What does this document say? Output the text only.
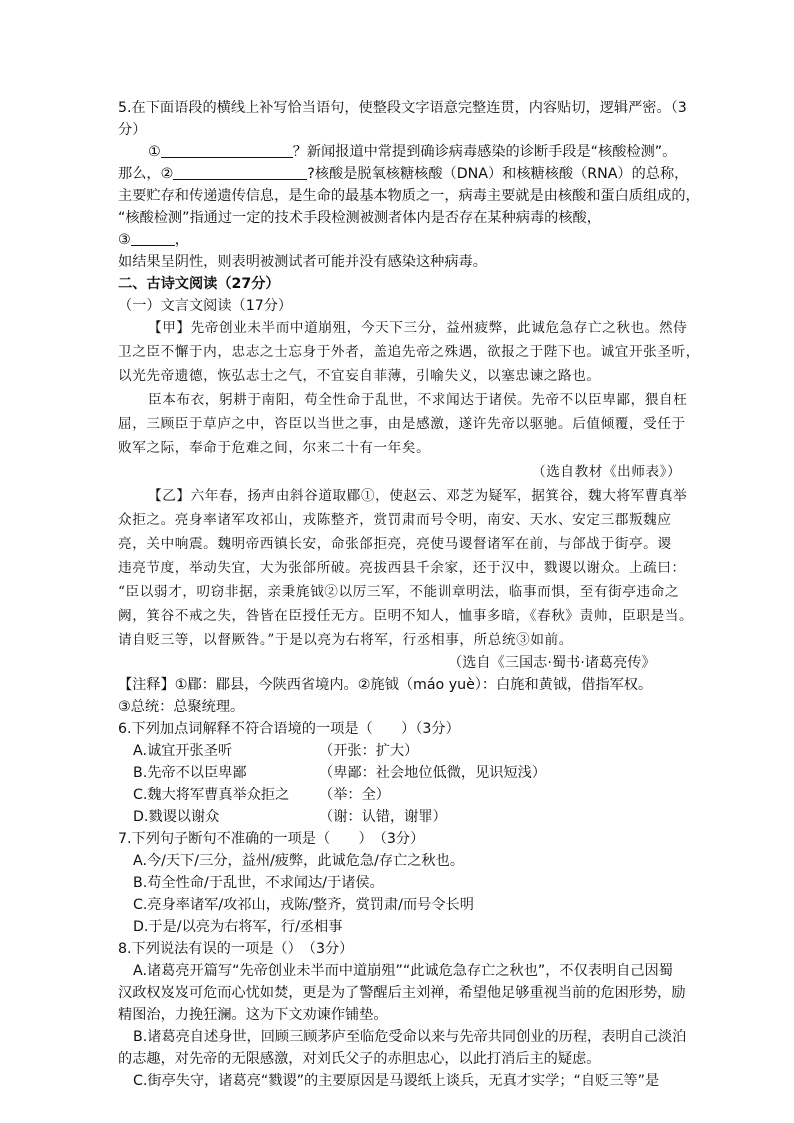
5.在下面语段的横线上补写恰当语句，使整段文字语意完整连贯，内容贴切，逻辑严密。（3
分）
①	？新闻报道中常提到确诊病毒感染的诊断手段是“核酸检测”。
那么，②	?核酸是脱氧核糖核酸（DNA）和核糖核酸（RNA）的总称，
主要贮存和传递遗传信息，是生命的最基本物质之一，病毒主要就是由核酸和蛋白质组成的，
“核酸检测”指通过一定的技术手段检测被测者体内是否存在某种病毒的核酸，
③	，
如结果呈阴性，则表明被测试者可能并没有感染这种病毒。
二、古诗文阅读（27分）
（一）文言文阅读（17分）
【甲】先帝创业未半而中道崩殂，今天下三分，益州疲弊，此诚危急存亡之秋也。然侍
卫之臣不懈于内，忠志之士忘身于外者，盖追先帝之殊遇，欲报之于陛下也。诚宜开张圣听，
以光先帝遗德，恢弘志士之气，不宜妄自菲薄，引喻失义，以塞忠谏之路也。
臣本布衣，躬耕于南阳，苟全性命于乱世，不求闻达于诸侯。先帝不以臣卑鄙，猥自枉
屈，三顾臣于草庐之中，咨臣以当世之事，由是感激，遂许先帝以驱驰。后值倾覆，受任于
败军之际，奉命于危难之间，尔来二十有一年矣。
（选自教材《出师表》）
【乙】六年春，扬声由斜谷道取郿①，使赵云、邓芝为疑军，据箕谷，魏大将军曹真举
众拒之。亮身率诸军攻祁山，戎陈整齐，赏罚肃而号令明，南安、天水、安定三郡叛魏应
亮，关中响震。魏明帝西镇长安，命张郃拒亮，亮使马谡督诸军在前，与郃战于街亭。谡
违亮节度，举动失宜，大为张郃所破。亮拔西县千余家，还于汉中，戮谡以谢众。上疏曰：
“臣以弱才，叨窃非据，亲秉旄钺②以厉三军，不能训章明法，临事而惧，至有街亭违命之
阙，箕谷不戒之失，咎皆在臣授任无方。臣明不知人，恤事多暗，《春秋》责帅，臣职是当。
请自贬三等，以督厥咎。”于是以亮为右将军，行丞相事，所总统③如前。
（选自《三国志·蜀书·诸葛亮传》
【注释】①郿：郿县，今陕西省境内。②旄钺（máo yuè）：白旄和黄钺，借指军权。
③总统：总聚统理。
6.下列加点词解释不符合语境的一项是（　　）（3分）
A.诚宜开张圣听	（开张：扩大）
B.先帝不以臣卑鄙	（卑鄙：社会地位低微，见识短浅）
C.魏大将军曹真举众拒之 （举：全）
D.戮谡以谢众	（谢：认错，谢罪）
7.下列句子断句不准确的一项是（　　）　（3分）
A.今/天下/三分，益州/疲弊，此诚危急/存亡之秋也。
B.苟全性命/于乱世，不求闻达/于诸侯。
C.亮身率诸军/攻祁山，戎陈/整齐，赏罚肃/而号令长明
D.于是/以亮为右将军，行/丞相事
8.下列说法有误的一项是（）　（3分）
A.诸葛亮开篇写“先帝创业未半而中道崩殂”“此诚危急存亡之秋也”，不仅表明自己因蜀
汉政权岌岌可危而心忧如焚，更是为了警醒后主刘禅，希望他足够重视当前的危困形势，励
精图治，力挽狂澜。这为下文劝谏作铺垫。
B.诸葛亮自述身世，回顾三顾茅庐至临危受命以来与先帝共同创业的历程，表明自己淡泊
的志趣，对先帝的无限感激，对刘氏父子的赤胆忠心，以此打消后主的疑虑。
C.街亭失守，诸葛亮“戮谡”的主要原因是马谡纸上谈兵，无真才实学；“自贬三等”是
